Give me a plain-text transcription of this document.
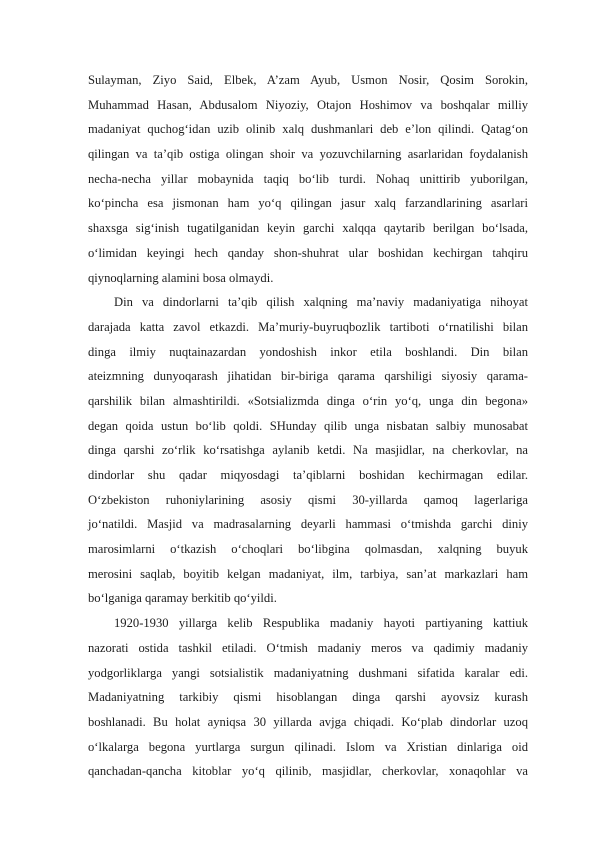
Sulayman, Ziyo Said, Elbek, A’zam Ayub, Usmon Nosir, Qosim Sorokin,
Muhammad Hasan, Abdusalom Niyoziy, Otajon Hoshimov va boshqalar milliy
madaniyat quchog‘idan uzib olinib xalq dushmanlari deb e’lon qilindi. Qatag‘on
qilingan va ta’qib ostiga olingan shoir va yozuvchilarning asarlaridan foydalanish
necha-necha yillar mobaynida taqiq bo‘lib turdi. Nohaq unittirib yuborilgan,
ko‘pincha esa jismonan ham yo‘q qilingan jasur xalq farzandlarining asarlari
shaxsga sig‘inish tugatilganidan keyin garchi xalqqa qaytarib berilgan bo‘lsada,
o‘limidan keyingi hech qanday shon-shuhrat ular boshidan kechirgan tahqiru
qiynoqlarning alamini bosa olmaydi.
Din va dindorlarni ta’qib qilish xalqning ma’naviy madaniyatiga nihoyat
darajada katta zavol etkazdi. Ma’muriy-buyruqbozlik tartiboti o‘rnatilishi bilan
dinga ilmiy nuqtainazardan yondoshish inkor etila boshlandi. Din bilan
ateizmning dunyoqarash jihatidan bir-biriga qarama qarshiligi siyosiy qarama-
qarshilik bilan almashtirildi. «Sotsializmda dinga o‘rin yo‘q, unga din begona»
degan qoida ustun bo‘lib qoldi. SHunday qilib unga nisbatan salbiy munosabat
dinga qarshi zo‘rlik ko‘rsatishga aylanib ketdi. Na masjidlar, na cherkovlar, na
dindorlar shu qadar miqyosdagi ta’qiblarni boshidan kechirmagan edilar.
O‘zbekiston ruhoniylarining asosiy qismi 30-yillarda qamoq lagerlariga
jo‘natildi. Masjid va madrasalarning deyarli hammasi o‘tmishda garchi diniy
marosimlarni o‘tkazish o‘choqlari bo‘libgina qolmasdan, xalqning buyuk
merosini saqlab, boyitib kelgan madaniyat, ilm, tarbiya, san’at markazlari ham
bo‘lganiga qaramay berkitib qo‘yildi.
1920-1930 yillarga kelib Respublika madaniy hayoti partiyaning kattiuk
nazorati ostida tashkil etiladi. O‘tmish madaniy meros va qadimiy madaniy
yodgorliklarga yangi sotsialistik madaniyatning dushmani sifatida karalar edi.
Madaniyatning tarkibiy qismi hisoblangan dinga qarshi ayovsiz kurash
boshlanadi. Bu holat ayniqsa 30 yillarda avjga chiqadi. Ko‘plab dindorlar uzoq
o‘lkalarga begona yurtlarga surgun qilinadi. Islom va Xristian dinlariga oid
qanchadan-qancha kitoblar yo‘q qilinib, masjidlar, cherkovlar, xonaqohlar va
